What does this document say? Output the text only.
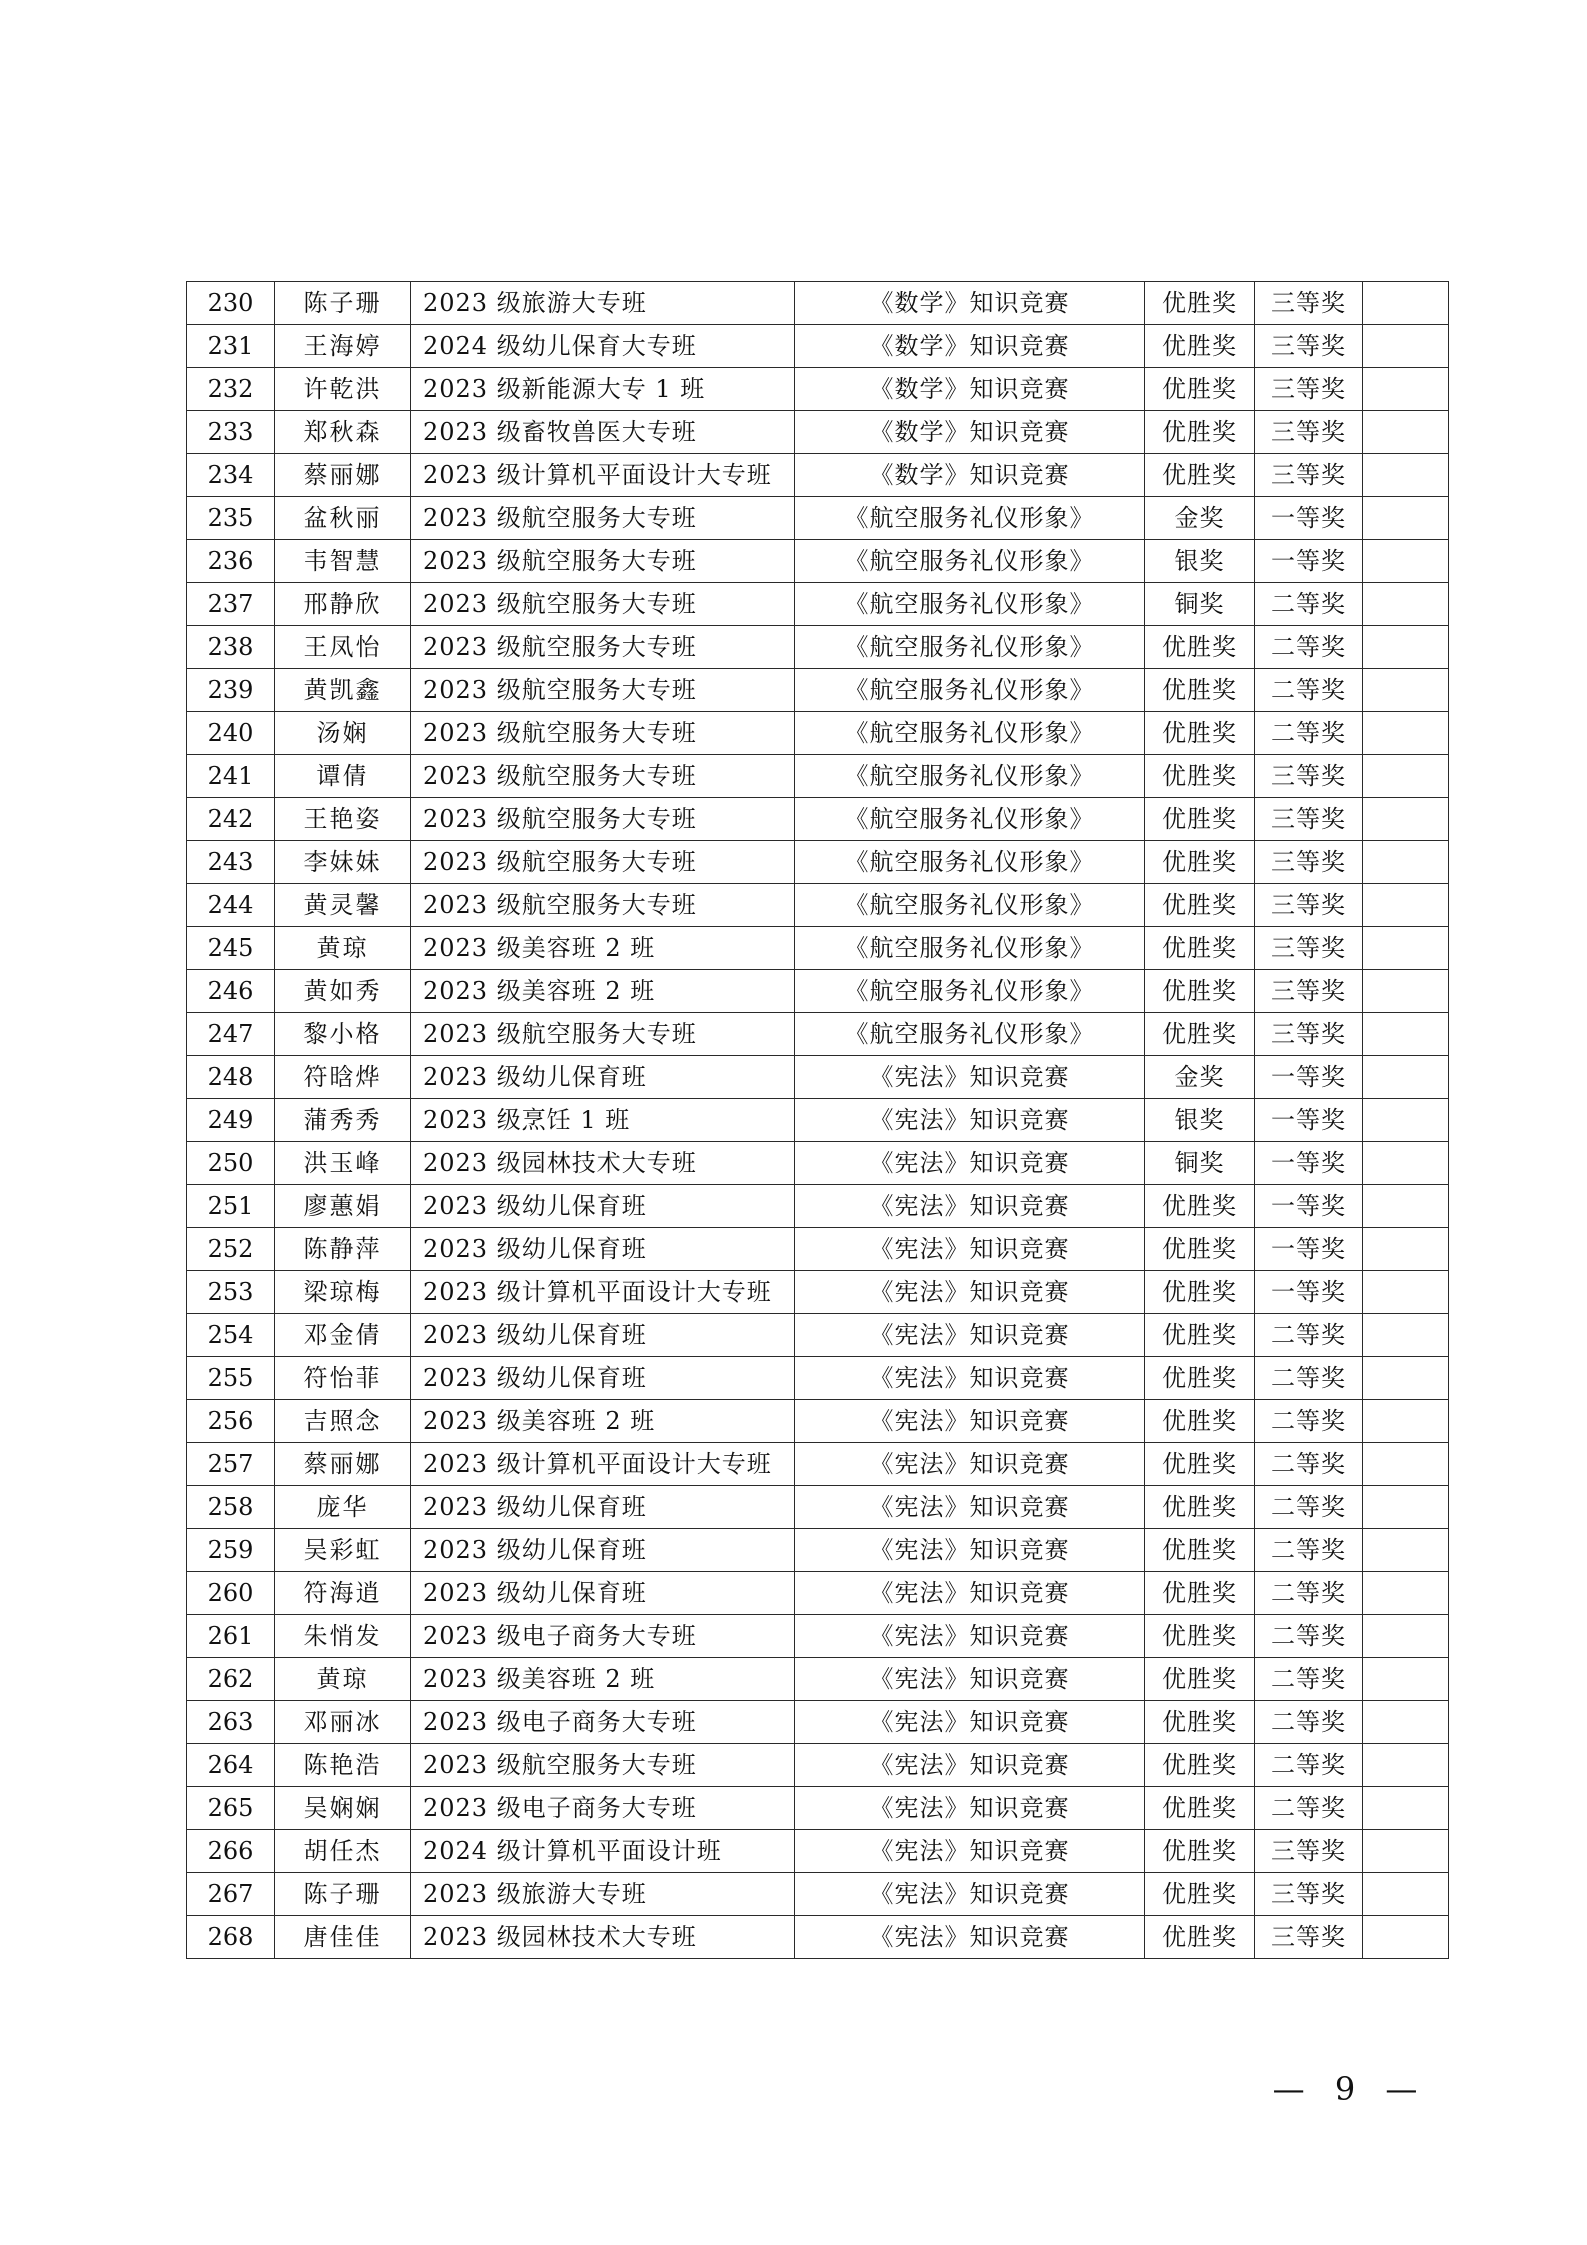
230	陈子珊	2023 级旅游大专班	《数学》知识竞赛	优胜奖	三等奖	
231	王海婷	2024 级幼儿保育大专班	《数学》知识竞赛	优胜奖	三等奖	
232	许乾洪	2023 级新能源大专 1 班	《数学》知识竞赛	优胜奖	三等奖	
233	郑秋森	2023 级畜牧兽医大专班	《数学》知识竞赛	优胜奖	三等奖	
234	蔡丽娜	2023 级计算机平面设计大专班	《数学》知识竞赛	优胜奖	三等奖	
235	盆秋丽	2023 级航空服务大专班	《航空服务礼仪形象》	金奖	一等奖	
236	韦智慧	2023 级航空服务大专班	《航空服务礼仪形象》	银奖	一等奖	
237	邢静欣	2023 级航空服务大专班	《航空服务礼仪形象》	铜奖	二等奖	
238	王凤怡	2023 级航空服务大专班	《航空服务礼仪形象》	优胜奖	二等奖	
239	黄凯鑫	2023 级航空服务大专班	《航空服务礼仪形象》	优胜奖	二等奖	
240	汤娴	2023 级航空服务大专班	《航空服务礼仪形象》	优胜奖	二等奖	
241	谭倩	2023 级航空服务大专班	《航空服务礼仪形象》	优胜奖	三等奖	
242	王艳姿	2023 级航空服务大专班	《航空服务礼仪形象》	优胜奖	三等奖	
243	李妹妹	2023 级航空服务大专班	《航空服务礼仪形象》	优胜奖	三等奖	
244	黄灵馨	2023 级航空服务大专班	《航空服务礼仪形象》	优胜奖	三等奖	
245	黄琼	2023 级美容班 2 班	《航空服务礼仪形象》	优胜奖	三等奖	
246	黄如秀	2023 级美容班 2 班	《航空服务礼仪形象》	优胜奖	三等奖	
247	黎小格	2023 级航空服务大专班	《航空服务礼仪形象》	优胜奖	三等奖	
248	符晗烨	2023 级幼儿保育班	《宪法》知识竞赛	金奖	一等奖	
249	蒲秀秀	2023 级烹饪 1 班	《宪法》知识竞赛	银奖	一等奖	
250	洪玉峰	2023 级园林技术大专班	《宪法》知识竞赛	铜奖	一等奖	
251	廖蕙娟	2023 级幼儿保育班	《宪法》知识竞赛	优胜奖	一等奖	
252	陈静萍	2023 级幼儿保育班	《宪法》知识竞赛	优胜奖	一等奖	
253	梁琼梅	2023 级计算机平面设计大专班	《宪法》知识竞赛	优胜奖	一等奖	
254	邓金倩	2023 级幼儿保育班	《宪法》知识竞赛	优胜奖	二等奖	
255	符怡菲	2023 级幼儿保育班	《宪法》知识竞赛	优胜奖	二等奖	
256	吉照念	2023 级美容班 2 班	《宪法》知识竞赛	优胜奖	二等奖	
257	蔡丽娜	2023 级计算机平面设计大专班	《宪法》知识竞赛	优胜奖	二等奖	
258	庞华	2023 级幼儿保育班	《宪法》知识竞赛	优胜奖	二等奖	
259	吴彩虹	2023 级幼儿保育班	《宪法》知识竞赛	优胜奖	二等奖	
260	符海逍	2023 级幼儿保育班	《宪法》知识竞赛	优胜奖	二等奖	
261	朱悄发	2023 级电子商务大专班	《宪法》知识竞赛	优胜奖	二等奖	
262	黄琼	2023 级美容班 2 班	《宪法》知识竞赛	优胜奖	二等奖	
263	邓丽冰	2023 级电子商务大专班	《宪法》知识竞赛	优胜奖	二等奖	
264	陈艳浩	2023 级航空服务大专班	《宪法》知识竞赛	优胜奖	二等奖	
265	吴娴娴	2023 级电子商务大专班	《宪法》知识竞赛	优胜奖	二等奖	
266	胡任杰	2024 级计算机平面设计班	《宪法》知识竞赛	优胜奖	三等奖	
267	陈子珊	2023 级旅游大专班	《宪法》知识竞赛	优胜奖	三等奖	
268	唐佳佳	2023 级园林技术大专班	《宪法》知识竞赛	优胜奖	三等奖	
— 9 —
